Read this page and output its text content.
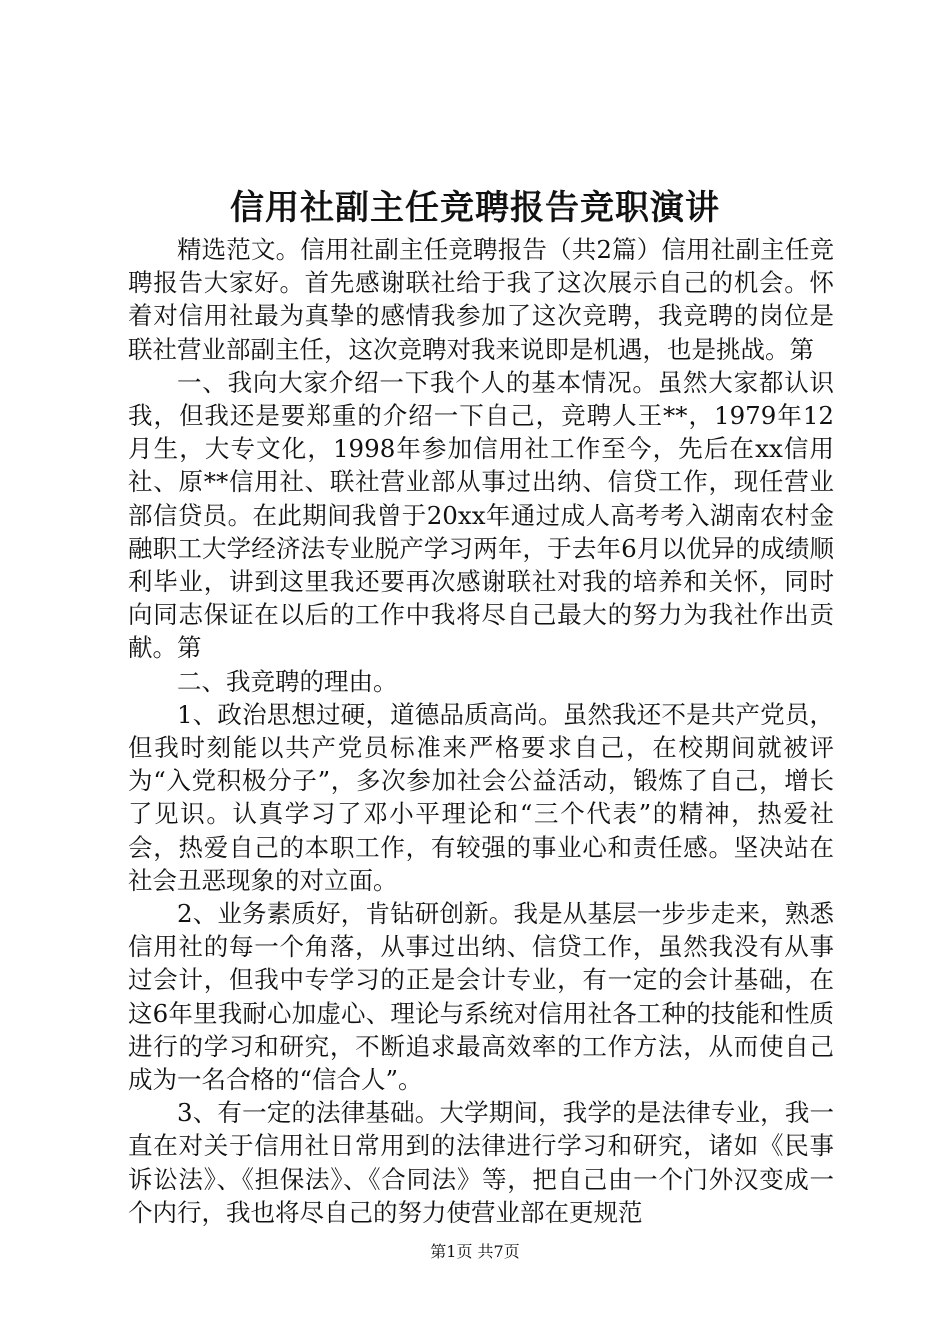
信用社副主任竞聘报告竞职演讲

精选范文。信用社副主任竞聘报告（共2篇）信用社副主任竞聘报告大家好。首先感谢联社给于我了这次展示自己的机会。怀着对信用社最为真挚的感情我参加了这次竞聘，我竞聘的岗位是联社营业部副主任，这次竞聘对我来说即是机遇，也是挑战。第

一、我向大家介绍一下我个人的基本情况。虽然大家都认识我，但我还是要郑重的介绍一下自己，竞聘人王**，1979年12月生，大专文化，1998年参加信用社工作至今，先后在xx信用社、原**信用社、联社营业部从事过出纳、信贷工作，现任营业部信贷员。在此期间我曾于20xx年通过成人高考考入湖南农村金融职工大学经济法专业脱产学习两年，于去年6月以优异的成绩顺利毕业，讲到这里我还要再次感谢联社对我的培养和关怀，同时向同志保证在以后的工作中我将尽自己最大的努力为我社作出贡献。第

二、我竞聘的理由。

1、政治思想过硬，道德品质高尚。虽然我还不是共产党员，但我时刻能以共产党员标准来严格要求自己，在校期间就被评为“入党积极分子”，多次参加社会公益活动，锻炼了自己，增长了见识。认真学习了邓小平理论和“三个代表”的精神，热爱社会，热爱自己的本职工作，有较强的事业心和责任感。坚决站在社会丑恶现象的对立面。

2、业务素质好，肯钻研创新。我是从基层一步步走来，熟悉信用社的每一个角落，从事过出纳、信贷工作，虽然我没有从事过会计，但我中专学习的正是会计专业，有一定的会计基础，在这6年里我耐心加虚心、理论与系统对信用社各工种的技能和性质进行的学习和研究，不断追求最高效率的工作方法，从而使自己成为一名合格的“信合人”。

3、有一定的法律基础。大学期间，我学的是法律专业，我一直在对关于信用社日常用到的法律进行学习和研究，诸如《民事诉讼法》、《担保法》、《合同法》等，把自己由一个门外汉变成一个内行，我也将尽自己的努力使营业部在更规范

第1页 共7页
